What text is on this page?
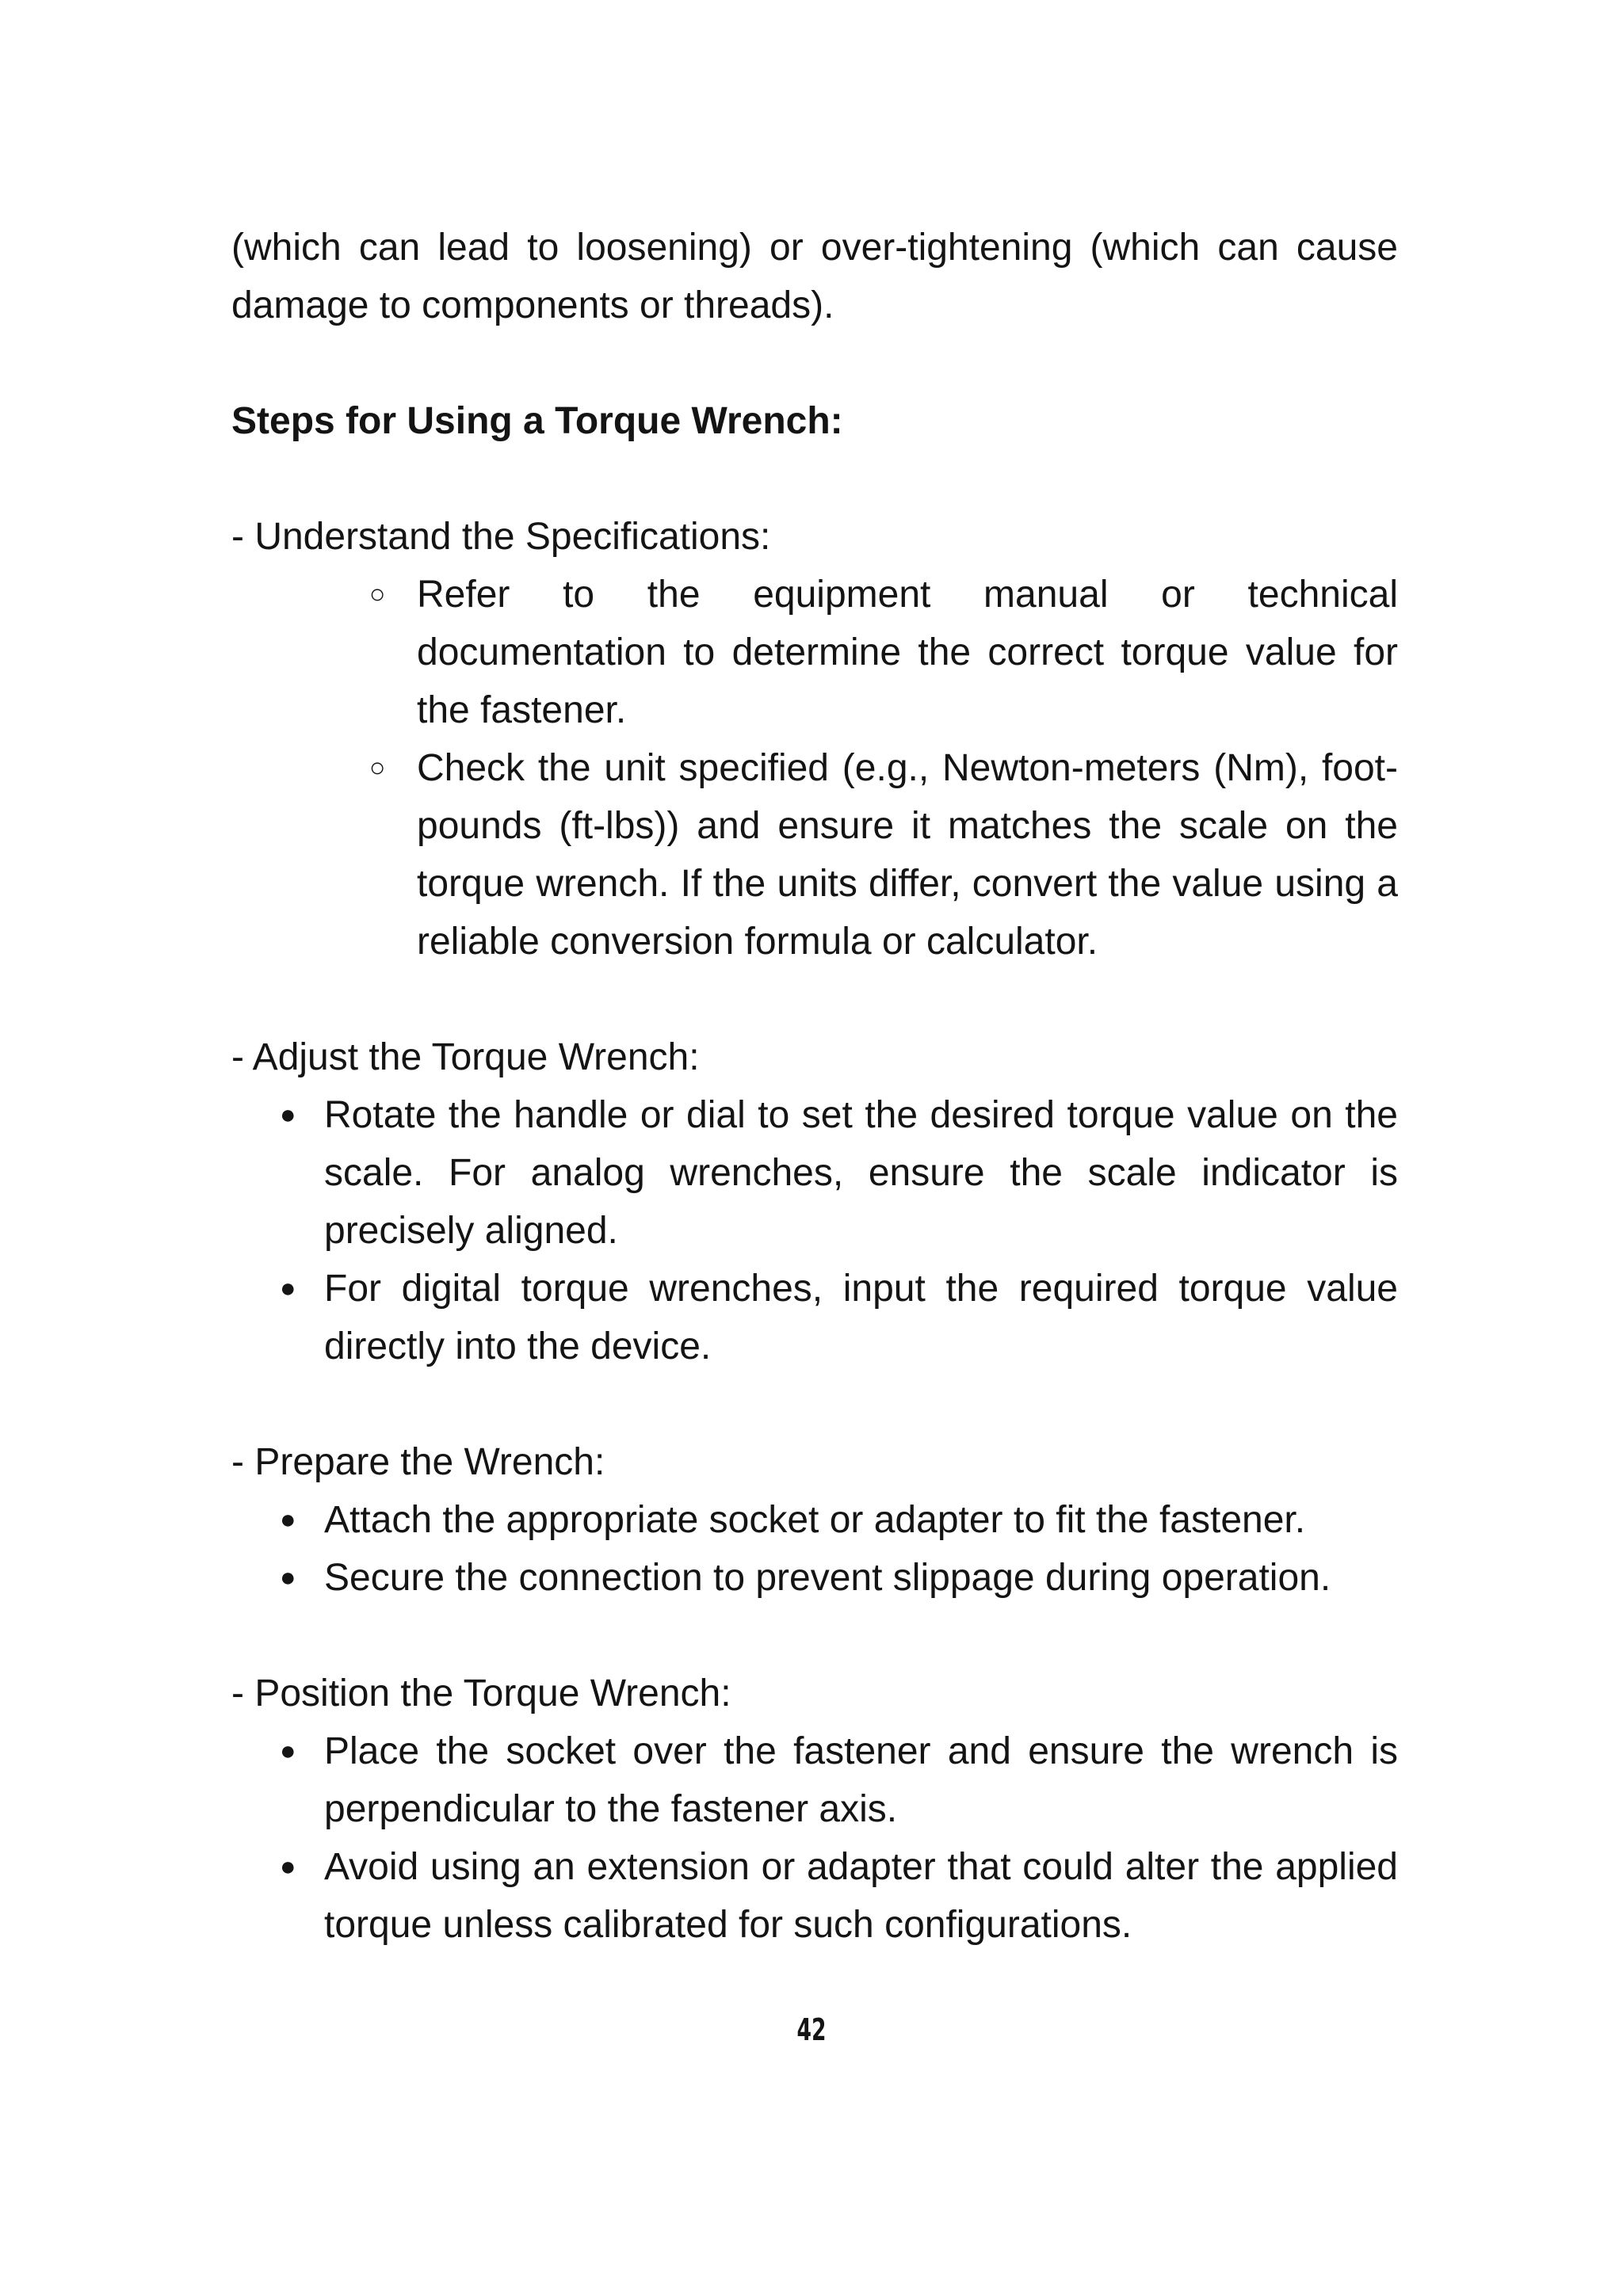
(which can lead to loosening) or over-tightening (which can cause damage to components or threads).

Steps for Using a Torque Wrench:

- Understand the Specifications:

○ Refer to the equipment manual or technical documentation to determine the correct torque value for the fastener.
○ Check the unit specified (e.g., Newton-meters (Nm), foot-pounds (ft-lbs)) and ensure it matches the scale on the torque wrench. If the units differ, convert the value using a reliable conversion formula or calculator.

- Adjust the Torque Wrench:

● Rotate the handle or dial to set the desired torque value on the scale. For analog wrenches, ensure the scale indicator is precisely aligned.
● For digital torque wrenches, input the required torque value directly into the device.

- Prepare the Wrench:

● Attach the appropriate socket or adapter to fit the fastener.
● Secure the connection to prevent slippage during operation.

- Position the Torque Wrench:

● Place the socket over the fastener and ensure the wrench is perpendicular to the fastener axis.
● Avoid using an extension or adapter that could alter the applied torque unless calibrated for such configurations.
42
